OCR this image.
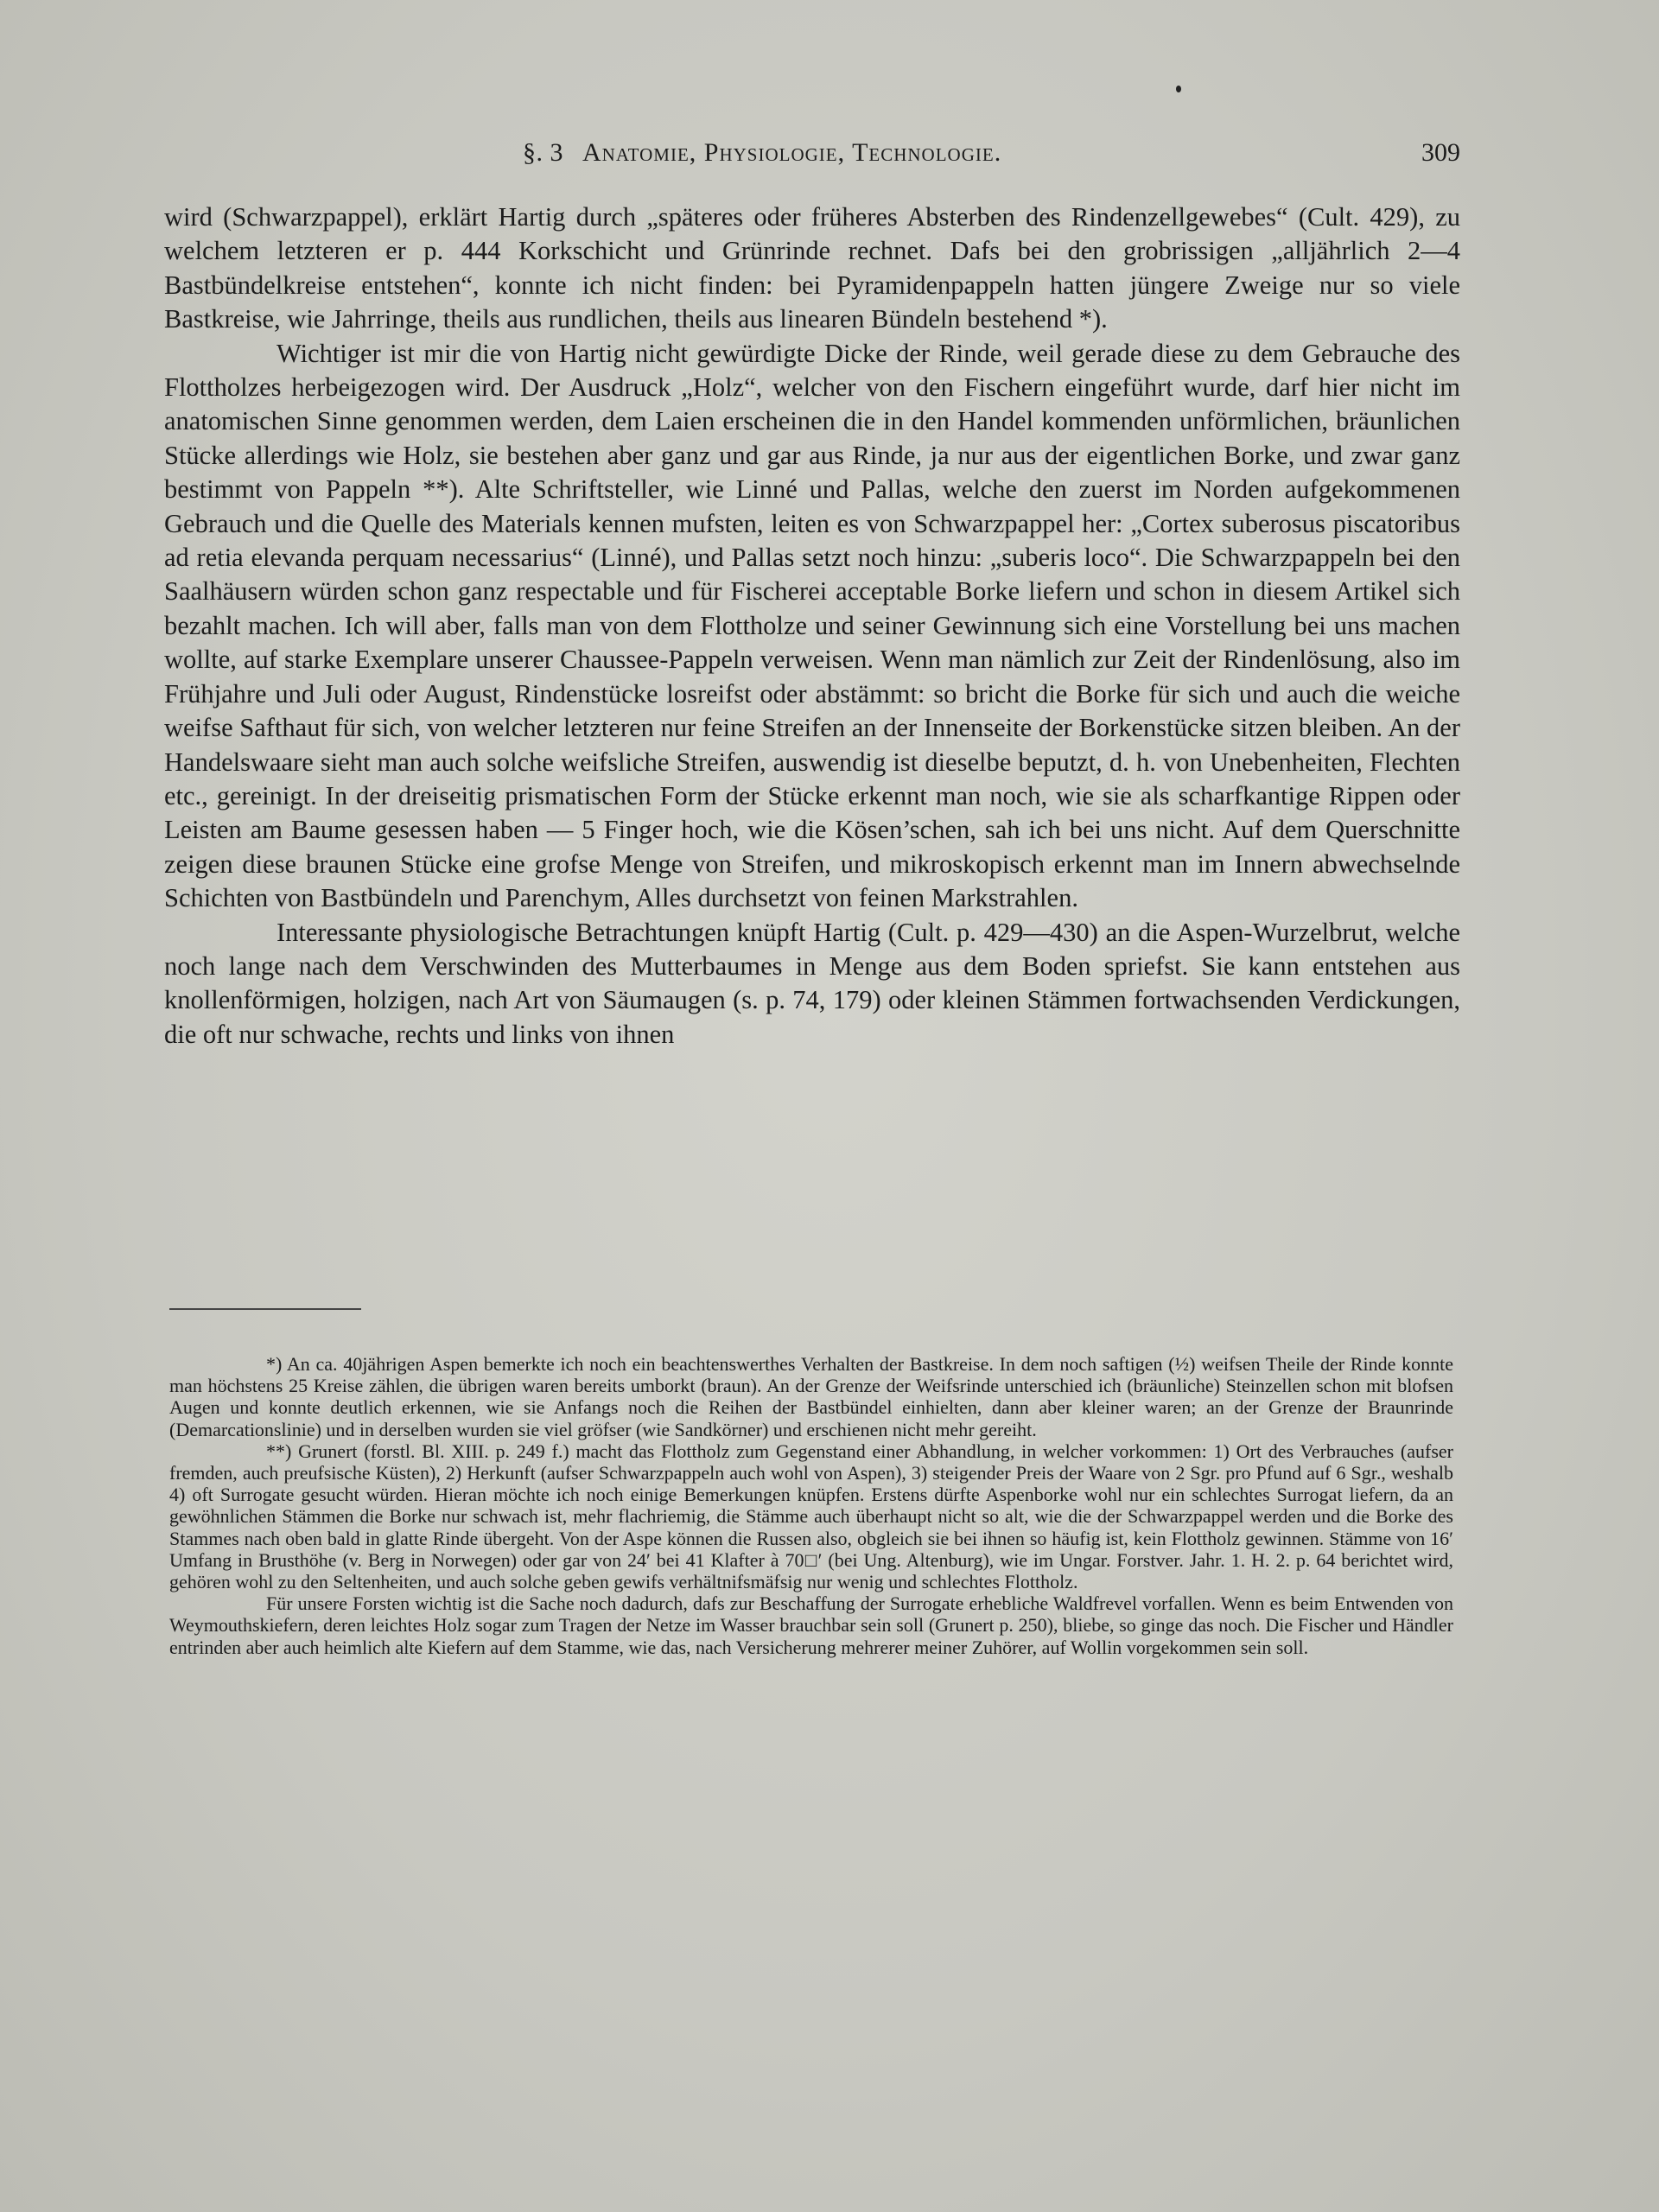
§. 3 Anatomie, Physiologie, Technologie.	309

wird (Schwarzpappel), erklärt Hartig durch „späteres oder früheres Absterben des Rindenzellgewebes“ (Cult. 429), zu welchem letzteren er p. 444 Korkschicht und Grünrinde rechnet. Dafs bei den grobrissigen „alljährlich 2—4 Bastbündelkreise entstehen“, konnte ich nicht finden: bei Pyramidenpappeln hatten jüngere Zweige nur so viele Bastkreise, wie Jahrringe, theils aus rundlichen, theils aus linearen Bündeln bestehend *).

Wichtiger ist mir die von Hartig nicht gewürdigte Dicke der Rinde, weil gerade diese zu dem Gebrauche des Flottholzes herbeigezogen wird. Der Ausdruck „Holz“, welcher von den Fischern eingeführt wurde, darf hier nicht im anatomischen Sinne genommen werden, dem Laien erscheinen die in den Handel kommenden unförmlichen, bräunlichen Stücke allerdings wie Holz, sie bestehen aber ganz und gar aus Rinde, ja nur aus der eigentlichen Borke, und zwar ganz bestimmt von Pappeln **). Alte Schriftsteller, wie Linné und Pallas, welche den zuerst im Norden aufgekommenen Gebrauch und die Quelle des Materials kennen mufsten, leiten es von Schwarzpappel her: „Cortex suberosus piscatoribus ad retia elevanda perquam necessarius“ (Linné), und Pallas setzt noch hinzu: „suberis loco“. Die Schwarzpappeln bei den Saalhäusern würden schon ganz respectable und für Fischerei acceptable Borke liefern und schon in diesem Artikel sich bezahlt machen. Ich will aber, falls man von dem Flottholze und seiner Gewinnung sich eine Vorstellung bei uns machen wollte, auf starke Exemplare unserer Chaussee-Pappeln verweisen. Wenn man nämlich zur Zeit der Rindenlösung, also im Frühjahre und Juli oder August, Rindenstücke losreifst oder abstämmt: so bricht die Borke für sich und auch die weiche weifse Safthaut für sich, von welcher letzteren nur feine Streifen an der Innenseite der Borkenstücke sitzen bleiben. An der Handelswaare sieht man auch solche weifsliche Streifen, auswendig ist dieselbe beputzt, d. h. von Unebenheiten, Flechten etc., gereinigt. In der dreiseitig prismatischen Form der Stücke erkennt man noch, wie sie als scharfkantige Rippen oder Leisten am Baume gesessen haben — 5 Finger hoch, wie die Kösen’schen, sah ich bei uns nicht. Auf dem Querschnitte zeigen diese braunen Stücke eine grofse Menge von Streifen, und mikroskopisch erkennt man im Innern abwechselnde Schichten von Bastbündeln und Parenchym, Alles durchsetzt von feinen Markstrahlen.

Interessante physiologische Betrachtungen knüpft Hartig (Cult. p. 429—430) an die Aspen-Wurzelbrut, welche noch lange nach dem Verschwinden des Mutterbaumes in Menge aus dem Boden spriefst. Sie kann entstehen aus knollenförmigen, holzigen, nach Art von Säumaugen (s. p. 74, 179) oder kleinen Stämmen fortwachsenden Verdickungen, die oft nur schwache, rechts und links von ihnen

*) An ca. 40jährigen Aspen bemerkte ich noch ein beachtenswerthes Verhalten der Bastkreise. In dem noch saftigen (½) weifsen Theile der Rinde konnte man höchstens 25 Kreise zählen, die übrigen waren bereits umborkt (braun). An der Grenze der Weifsrinde unterschied ich (bräunliche) Steinzellen schon mit blofsen Augen und konnte deutlich erkennen, wie sie Anfangs noch die Reihen der Bastbündel einhielten, dann aber kleiner waren; an der Grenze der Braunrinde (Demarcationslinie) und in derselben wurden sie viel gröfser (wie Sandkörner) und erschienen nicht mehr gereiht.

**) Grunert (forstl. Bl. XIII. p. 249 f.) macht das Flottholz zum Gegenstand einer Abhandlung, in welcher vorkommen: 1) Ort des Verbrauches (aufser fremden, auch preufsische Küsten), 2) Herkunft (aufser Schwarzpappeln auch wohl von Aspen), 3) steigender Preis der Waare von 2 Sgr. pro Pfund auf 6 Sgr., weshalb 4) oft Surrogate gesucht würden. Hieran möchte ich noch einige Bemerkungen knüpfen. Erstens dürfte Aspenborke wohl nur ein schlechtes Surrogat liefern, da an gewöhnlichen Stämmen die Borke nur schwach ist, mehr flachriemig, die Stämme auch überhaupt nicht so alt, wie die der Schwarzpappel werden und die Borke des Stammes nach oben bald in glatte Rinde übergeht. Von der Aspe können die Russen also, obgleich sie bei ihnen so häufig ist, kein Flottholz gewinnen. Stämme von 16′ Umfang in Brusthöhe (v. Berg in Norwegen) oder gar von 24′ bei 41 Klafter à 70□′ (bei Ung. Altenburg), wie im Ungar. Forstver. Jahr. 1. H. 2. p. 64 berichtet wird, gehören wohl zu den Seltenheiten, und auch solche geben gewifs verhältnifsmäfsig nur wenig und schlechtes Flottholz.

Für unsere Forsten wichtig ist die Sache noch dadurch, dafs zur Beschaffung der Surrogate erhebliche Waldfrevel vorfallen. Wenn es beim Entwenden von Weymouthskiefern, deren leichtes Holz sogar zum Tragen der Netze im Wasser brauchbar sein soll (Grunert p. 250), bliebe, so ginge das noch. Die Fischer und Händler entrinden aber auch heimlich alte Kiefern auf dem Stamme, wie das, nach Versicherung mehrerer meiner Zuhörer, auf Wollin vorgekommen sein soll.
